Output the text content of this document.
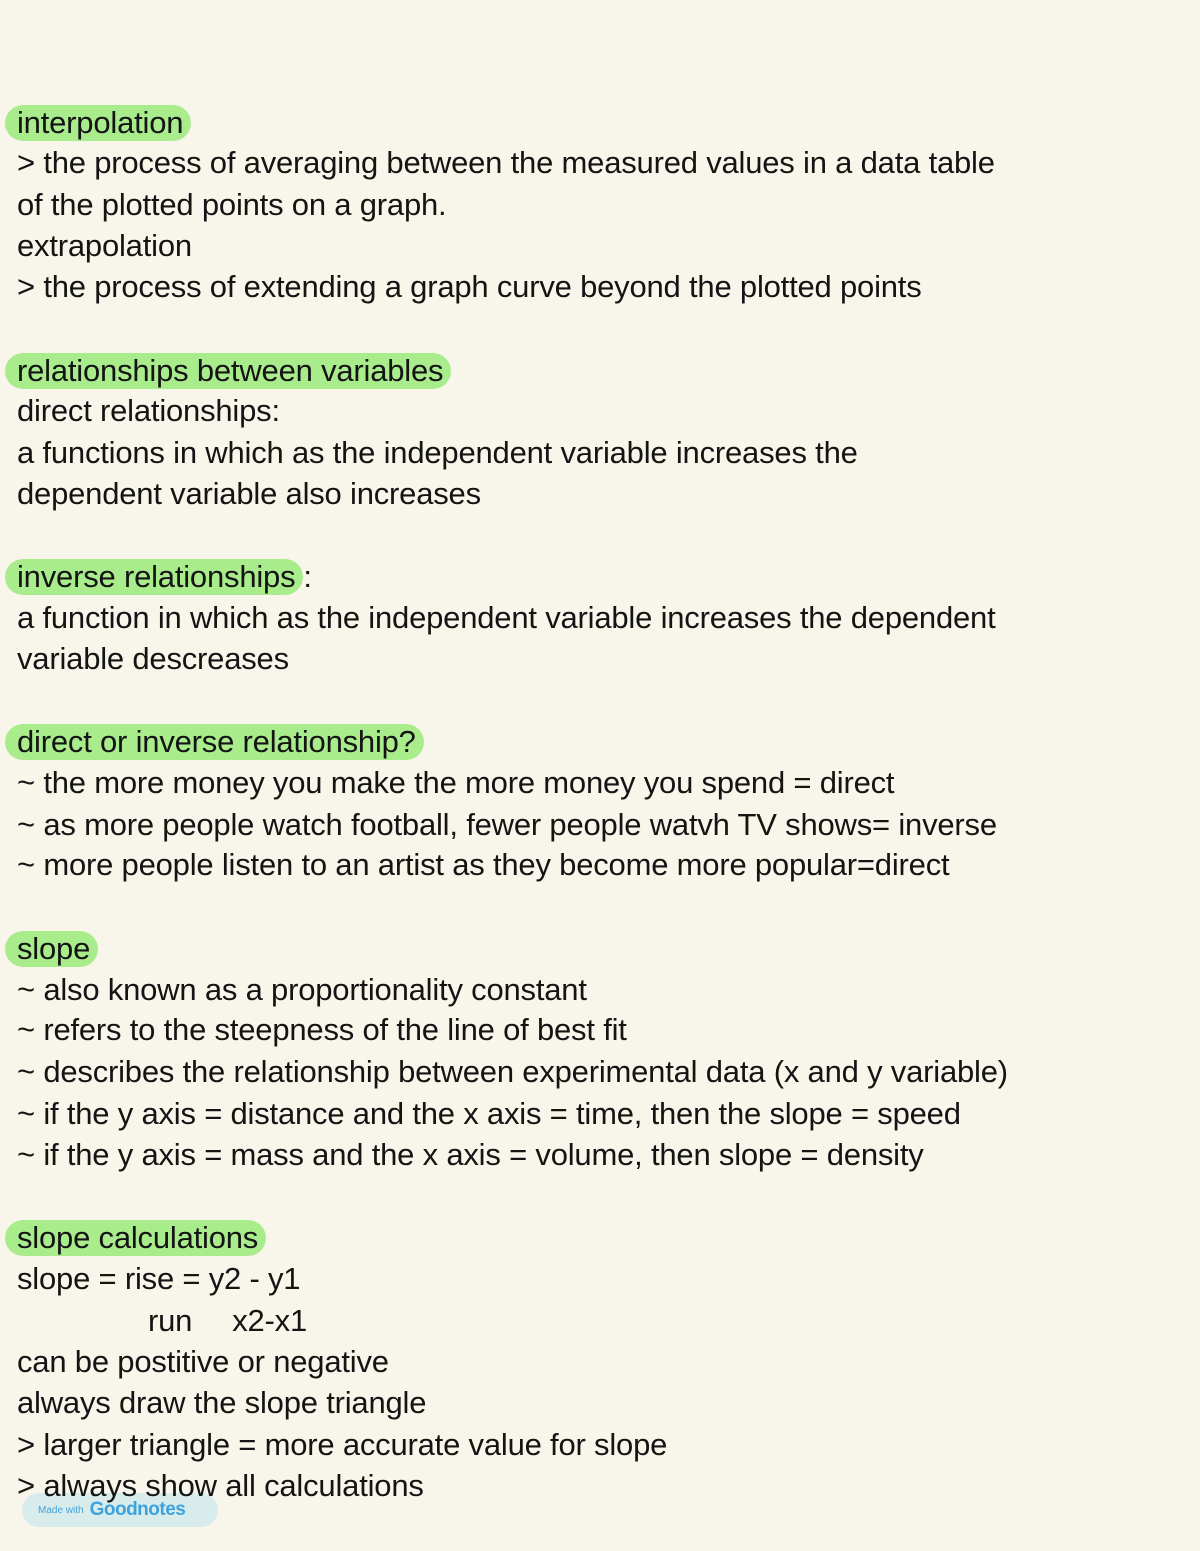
interpolation
> the process of averaging between the measured values in a data table
of the plotted points on a graph.
extrapolation
> the process of extending a graph curve beyond the plotted points
relationships between variables
direct relationships:
a functions in which as the independent variable increases the
dependent variable also increases
inverse relationships :
a function in which as the independent variable increases the dependent
variable descreases
direct or inverse relationship?
~ the more money you make the more money you spend = direct
~ as more people watch football, fewer people watvh TV shows= inverse
~ more people listen to an artist as they become more popular=direct
slope
~ also known as a proportionality constant
~ refers to the steepness of the line of best fit
~ describes the relationship between experimental data (x and y variable)
~ if the y axis = distance and the x axis = time, then the slope = speed
~ if the y axis = mass and the x axis = volume, then slope = density
slope calculations
slope = rise = y2 - y1
run x2-x1
can be postitive or negative
always draw the slope triangle
> larger triangle = more accurate value for slope
Made with Goodnotes
> always show all calculations
